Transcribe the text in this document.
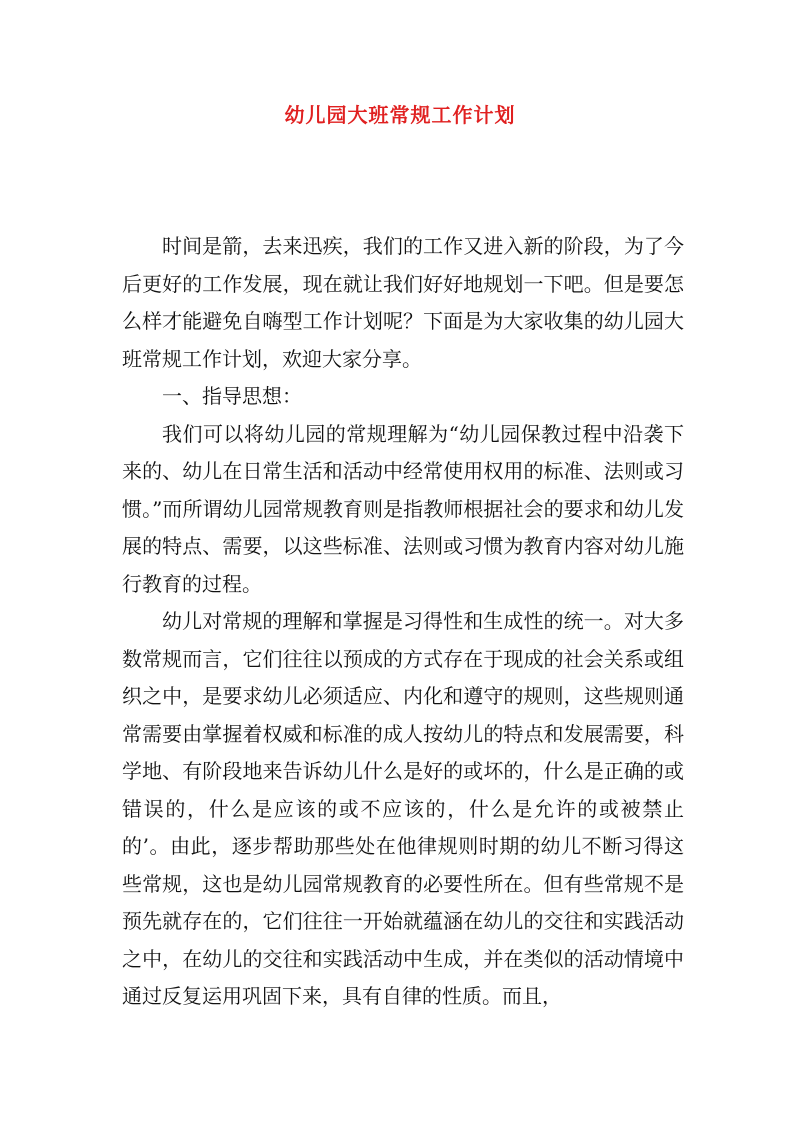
幼儿园大班常规工作计划

时间是箭，去来迅疾，我们的工作又进入新的阶段，为了今后更好的工作发展，现在就让我们好好地规划一下吧。但是要怎么样才能避免自嗨型工作计划呢？下面是为大家收集的幼儿园大班常规工作计划，欢迎大家分享。

一、指导思想：

我们可以将幼儿园的常规理解为“幼儿园保教过程中沿袭下来的、幼儿在日常生活和活动中经常使用权用的标准、法则或习惯。”而所谓幼儿园常规教育则是指教师根据社会的要求和幼儿发展的特点、需要，以这些标准、法则或习惯为教育内容对幼儿施行教育的过程。

幼儿对常规的理解和掌握是习得性和生成性的统一。对大多数常规而言，它们往往以预成的方式存在于现成的社会关系或组织之中，是要求幼儿必须适应、内化和遵守的规则，这些规则通常需要由掌握着权威和标准的成人按幼儿的特点和发展需要，科学地、有阶段地来告诉幼儿什么是好的或坏的，什么是正确的或错误的，什么是应该的或不应该的，什么是允许的或被禁止的’。由此，逐步帮助那些处在他律规则时期的幼儿不断习得这些常规，这也是幼儿园常规教育的必要性所在。但有些常规不是预先就存在的，它们往往一开始就蕴涵在幼儿的交往和实践活动之中，在幼儿的交往和实践活动中生成，并在类似的活动情境中通过反复运用巩固下来，具有自律的性质。而且，
